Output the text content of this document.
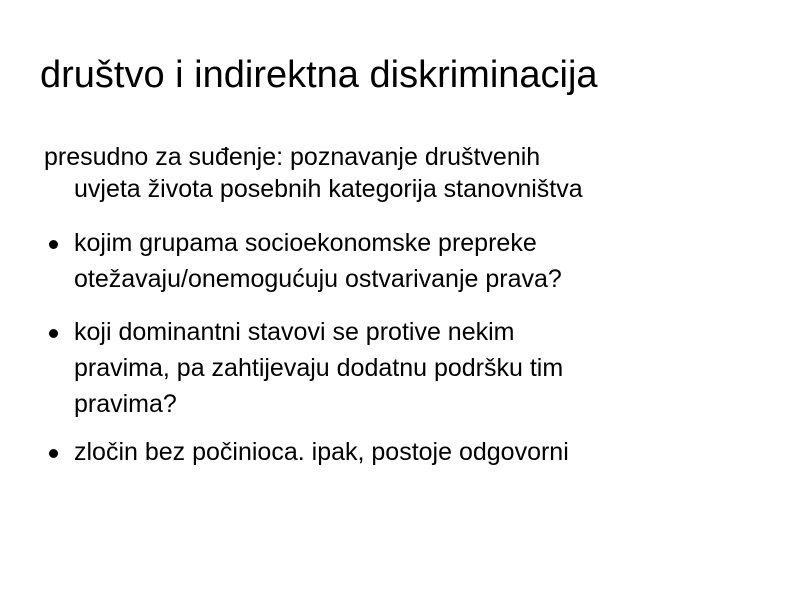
društvo i indirektna diskriminacija
presudno za suđenje: poznavanje društvenih
uvjeta života posebnih kategorija stanovništva
kojim grupama socioekonomske prepreke
otežavaju/onemogućuju ostvarivanje prava?
koji dominantni stavovi se protive nekim
pravima, pa zahtijevaju dodatnu podršku tim
pravima?
zločin bez počinioca. ipak, postoje odgovorni
